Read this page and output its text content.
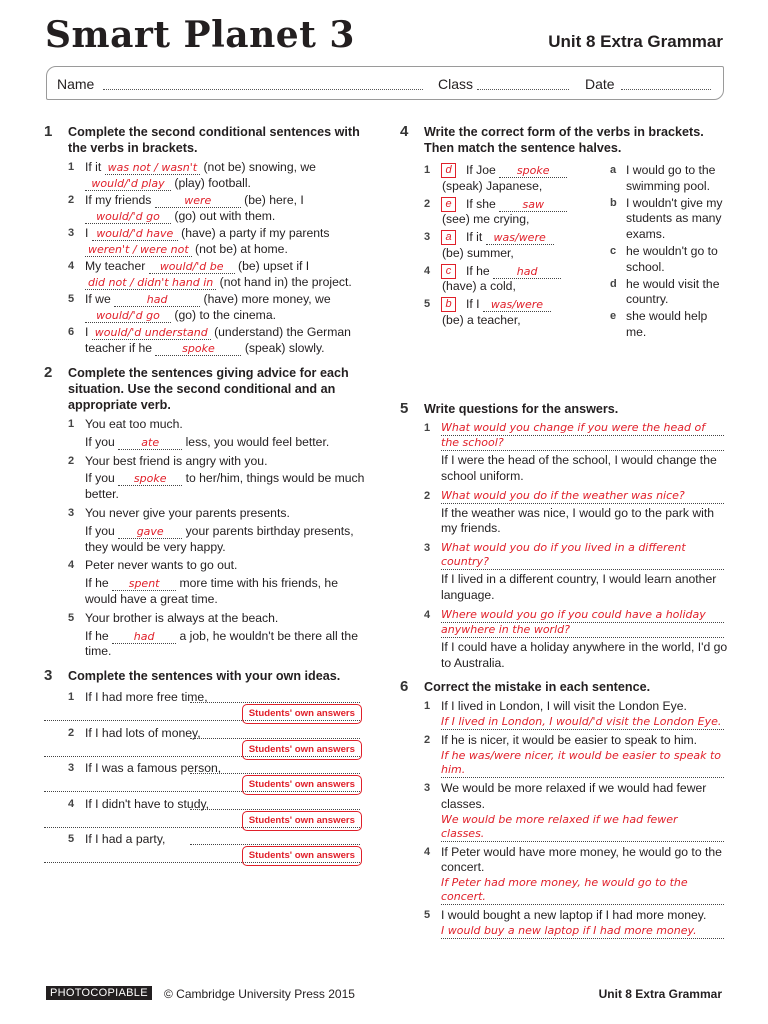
Smart Planet 3	Unit 8 Extra Grammar
Name	Class	Date
1 Complete the second conditional sentences with the verbs in brackets.
1 If it was not / wasn't (not be) snowing, we would/'d play (play) football.
2 If my friends	were (be) here, I would/'d go (go) out with them.
3 I would/'d have (have) a party if my parents weren't / were not (not be) at home.
4 My teacher would/'d be (be) upset if I did not / didn't hand in (not hand in) the project.
5 If we	had	(have) more money, we would/'d go (go) to the cinema.
6 I would/'d understand (understand) the German teacher if he spoke (speak) slowly.
2 Complete the sentences giving advice for each situation. Use the second conditional and an appropriate verb.
1 You eat too much.
If you ate less, you would feel better.
2 Your best friend is angry with you.
If you spoke to her/him, things would be much better.
3 You never give your parents presents.
If you gave your parents birthday presents, they would be very happy.
4 Peter never wants to go out.
If he spent more time with his friends, he would have a great time.
5 Your brother is always at the beach.
If he had a job, he wouldn't be there all the time.
3 Complete the sentences with your own ideas.
1 If I had more free time,
Students' own answers
2 If I had lots of money,
Students' own answers
3 If I was a famous person,
Students' own answers
4 If I didn't have to study,
Students' own answers
5 If I had a party,
Students' own answers
4 Write the correct form of the verbs in brackets. Then match the sentence halves.
1	d	If Joe spoke
(speak) Japanese,
2	e	If she saw
(see) me crying,
3	a	If it was/were
(be) summer,
4	c	If he had
(have) a cold,
5	b	If I was/were
(be) a teacher,
a I would go to the swimming pool.
b I wouldn't give my students as many exams.
c he wouldn't go to school.
d he would visit the country.
e she would help me.
5 Write questions for the answers.
1 What would you change if you were the head of
the school?
If I were the head of the school, I would change the school uniform.
2 What would you do if the weather was nice?
If the weather was nice, I would go to the park with my friends.
3 What would you do if you lived in a different country?
If I lived in a different country, I would learn another language.
4 Where would you go if you could have a holiday
anywhere in the world?
If I could have a holiday anywhere in the world, I'd go to Australia.
6 Correct the mistake in each sentence.
1 If I lived in London, I will visit the London Eye.
If I lived in London, I would/'d visit the London Eye.
2 If he is nicer, it would be easier to speak to him.
If he was/were nicer, it would be easier to speak to him.
3 We would be more relaxed if we would had fewer classes.
We would be more relaxed if we had fewer classes.
4 If Peter would have more money, he would go to the concert.
If Peter had more money, he would go to the concert.
5 I would bought a new laptop if I had more money.
I would buy a new laptop if I had more money.
PHOTOCOPIABLE	© Cambridge University Press 2015	Unit 8 Extra Grammar
